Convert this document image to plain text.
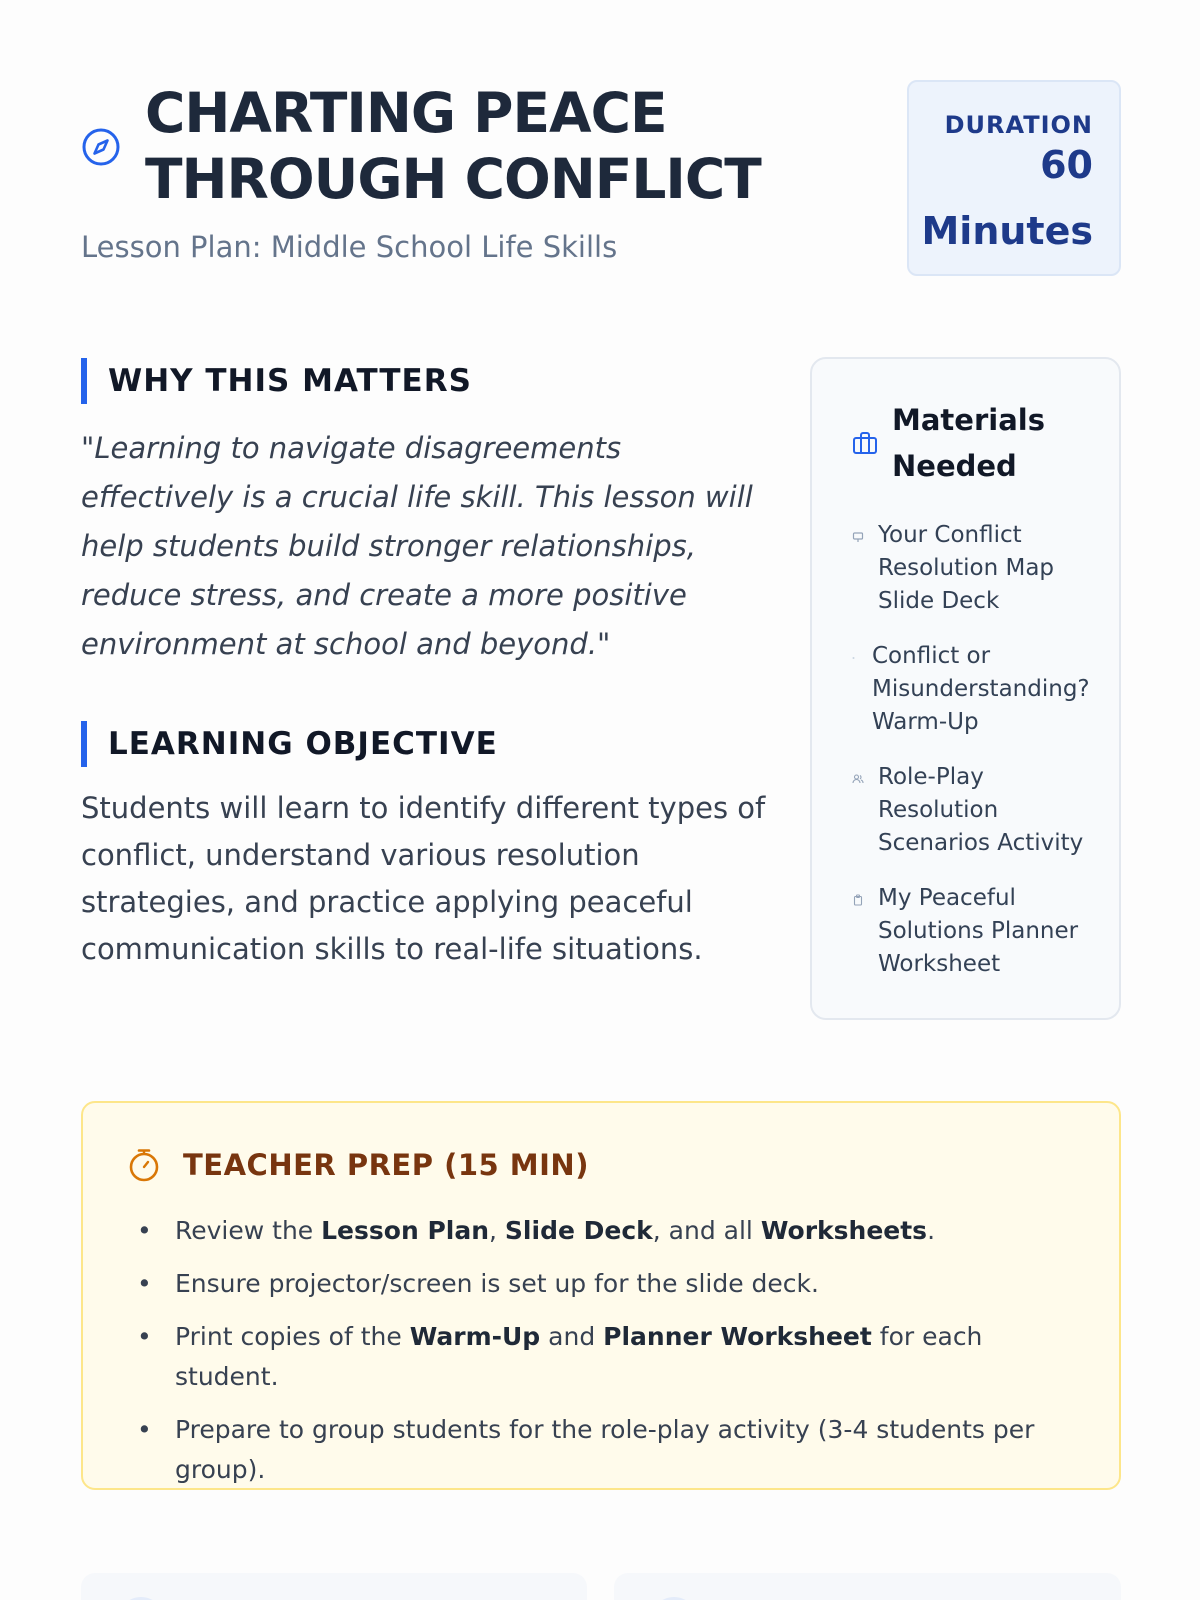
CHARTING PEACE
THROUGH CONFLICT
Lesson Plan: Middle School Life Skills
DURATION
60
Minutes
WHY THIS MATTERS

"Learning to navigate disagreements effectively is a crucial life skill. This lesson will help students build stronger relationships, reduce stress, and create a more positive environment at school and beyond."

LEARNING OBJECTIVE

Students will learn to identify different types of conflict, understand various resolution strategies, and practice applying peaceful communication skills to real-life situations.

Materials Needed
Your Conflict Resolution Map Slide Deck
Conflict or Misunderstanding? Warm-Up
Role-Play Resolution Scenarios Activity
My Peaceful Solutions Planner Worksheet
TEACHER PREP (15 MIN)
• Review the Lesson Plan, Slide Deck, and all Worksheets.
• Ensure projector/screen is set up for the slide deck.
• Print copies of the Warm-Up and Planner Worksheet for each student.
• Prepare to group students for the role-play activity (3-4 students per group).
